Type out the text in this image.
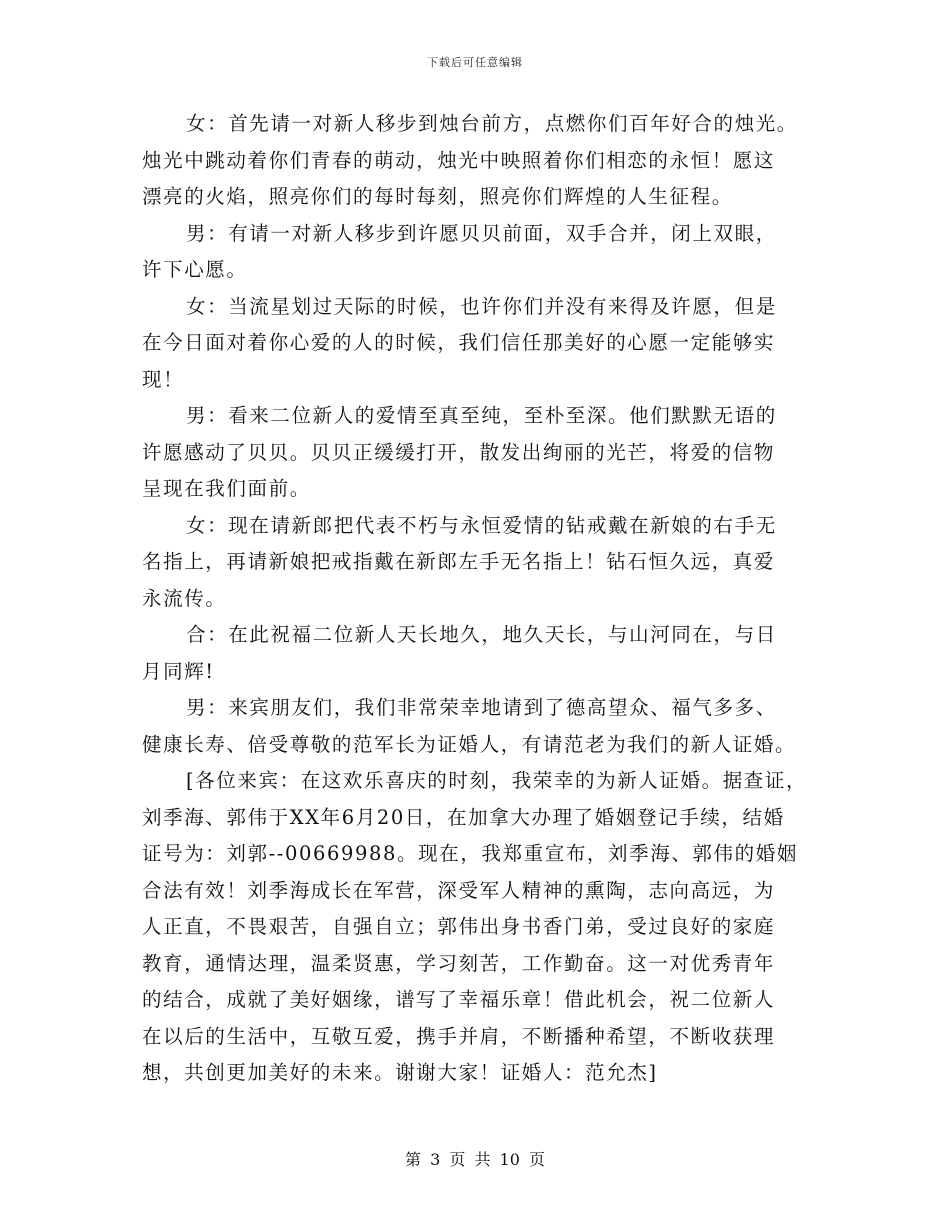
下载后可任意编辑
女：首先请一对新人移步到烛台前方，点燃你们百年好合的烛光。
烛光中跳动着你们青春的萌动，烛光中映照着你们相恋的永恒！愿这
漂亮的火焰，照亮你们的每时每刻，照亮你们辉煌的人生征程。
男：有请一对新人移步到许愿贝贝前面，双手合并，闭上双眼，
许下心愿。
女：当流星划过天际的时候，也许你们并没有来得及许愿，但是
在今日面对着你心爱的人的时候，我们信任那美好的心愿一定能够实
现！
男：看来二位新人的爱情至真至纯，至朴至深。他们默默无语的
许愿感动了贝贝。贝贝正缓缓打开，散发出绚丽的光芒，将爱的信物
呈现在我们面前。
女：现在请新郎把代表不朽与永恒爱情的钻戒戴在新娘的右手无
名指上，再请新娘把戒指戴在新郎左手无名指上！钻石恒久远，真爱
永流传。
合：在此祝福二位新人天长地久，地久天长，与山河同在，与日
月同辉!
男：来宾朋友们，我们非常荣幸地请到了德高望众、福气多多、
健康长寿、倍受尊敬的范军长为证婚人，有请范老为我们的新人证婚。
[各位来宾：在这欢乐喜庆的时刻，我荣幸的为新人证婚。据查证，
刘季海、郭伟于XX年6月20日，在加拿大办理了婚姻登记手续，结婚
证号为：刘郭--00669988。现在，我郑重宣布，刘季海、郭伟的婚姻
合法有效！刘季海成长在军营，深受军人精神的熏陶，志向高远，为
人正直，不畏艰苦，自强自立；郭伟出身书香门弟，受过良好的家庭
教育，通情达理，温柔贤惠，学习刻苦，工作勤奋。这一对优秀青年
的结合，成就了美好姻缘，谱写了幸福乐章！借此机会，祝二位新人
在以后的生活中，互敬互爱，携手并肩，不断播种希望，不断收获理
想，共创更加美好的未来。谢谢大家！证婚人：范允杰]
第 3 页 共 10 页
